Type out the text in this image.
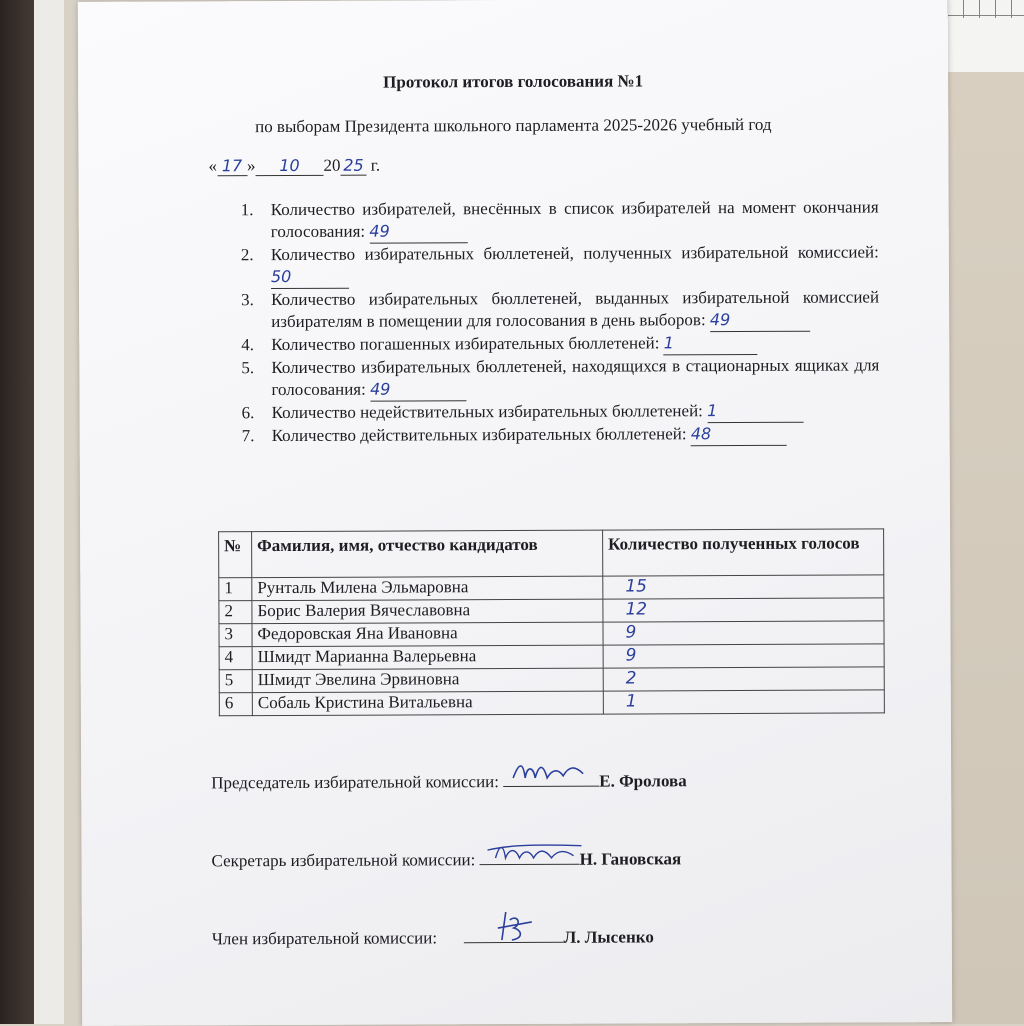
Протокол итогов голосования №1
по выборам Президента школьного парламента 2025-2026 учебный год
« 17 » 10 20 25 г.
1. Количество избирателей, внесённых в список избирателей на момент окончания голосования: 49
2. Количество избирательных бюллетеней, полученных избирательной комиссией: 50
3. Количество избирательных бюллетеней, выданных избирательной комиссией избирателям в помещении для голосования в день выборов: 49
4. Количество погашенных избирательных бюллетеней: 1
5. Количество избирательных бюллетеней, находящихся в стационарных ящиках для голосования: 49
6. Количество недействительных избирательных бюллетеней: 1
7. Количество действительных избирательных бюллетеней: 48
№	Фамилия, имя, отчество кандидатов	Количество полученных голосов
1	Рунталь Милена Эльмаровна	15
2	Борис Валерия Вячеславовна	12
3	Федоровская Яна Ивановна	9
4	Шмидт Марианна Валерьевна	9
5	Шмидт Эвелина Эрвиновна	2
6	Собаль Кристина Витальевна	1
Председатель избирательной комиссии:	Е. Фролова
Секретарь избирательной комиссии:	Н. Гановская
Член избирательной комиссии:	Л. Лысенко
